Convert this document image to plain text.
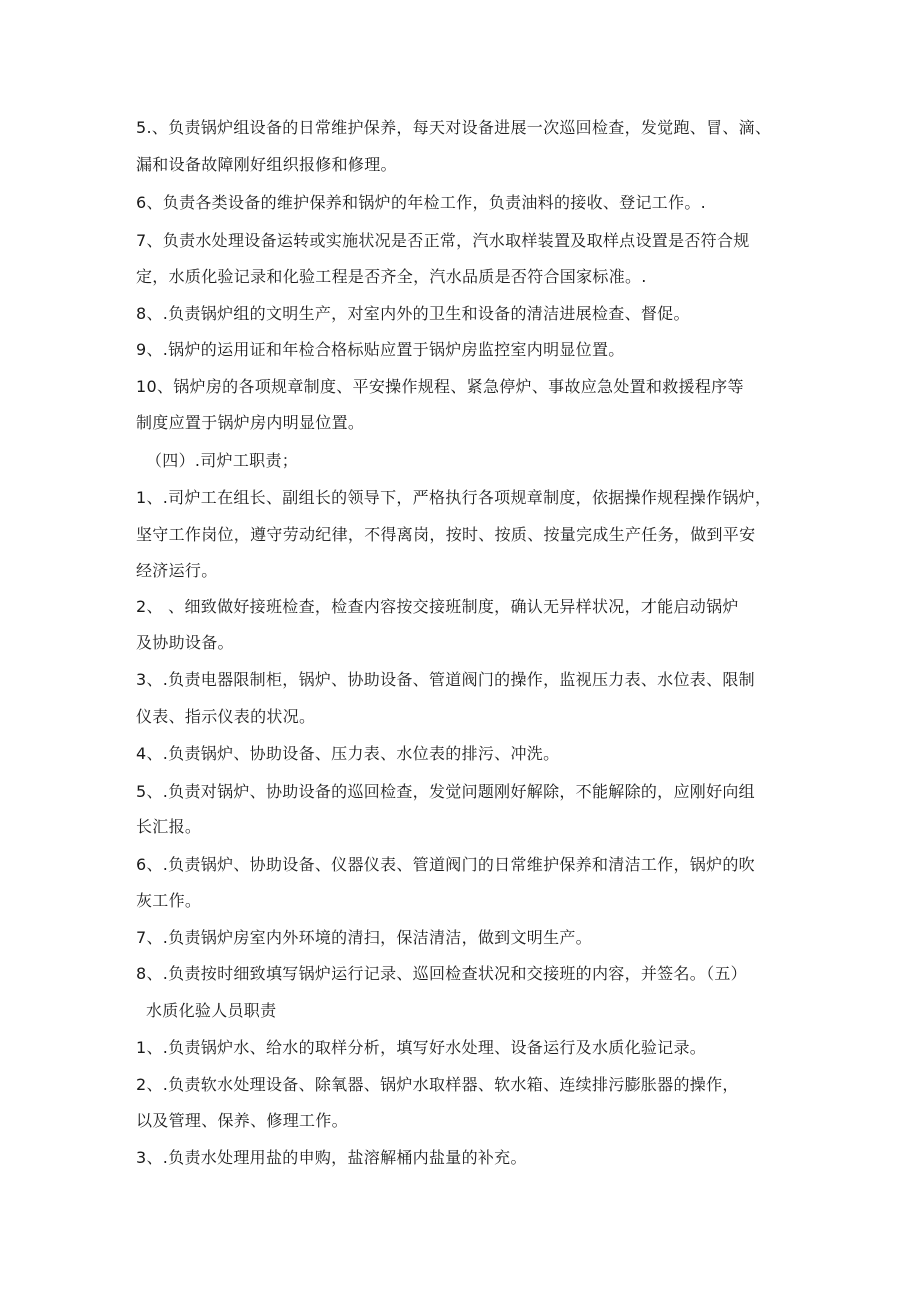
5.、负责锅炉组设备的日常维护保养，每天对设备进展一次巡回检查，发觉跑、冒、滴、
漏和设备故障刚好组织报修和修理。
6、负责各类设备的维护保养和锅炉的年检工作，负责油料的接收、登记工作。.
7、负责水处理设备运转或实施状况是否正常，汽水取样装置及取样点设置是否符合规
定，水质化验记录和化验工程是否齐全，汽水品质是否符合国家标准。.
8、.负责锅炉组的文明生产，对室内外的卫生和设备的清洁进展检查、督促。
9、.锅炉的运用证和年检合格标贴应置于锅炉房监控室内明显位置。
10、锅炉房的各项规章制度、平安操作规程、紧急停炉、事故应急处置和救援程序等
制度应置于锅炉房内明显位置。
（四）.司炉工职责；
1、.司炉工在组长、副组长的领导下，严格执行各项规章制度，依据操作规程操作锅炉，
坚守工作岗位，遵守劳动纪律，不得离岗，按时、按质、按量完成生产任务，做到平安
经济运行。
2、 、细致做好接班检查，检查内容按交接班制度，确认无异样状况，才能启动锅炉
及协助设备。
3、.负责电器限制柜，锅炉、协助设备、管道阀门的操作，监视压力表、水位表、限制
仪表、指示仪表的状况。
4、.负责锅炉、协助设备、压力表、水位表的排污、冲洗。
5、.负责对锅炉、协助设备的巡回检查，发觉问题刚好解除，不能解除的，应刚好向组
长汇报。
6、.负责锅炉、协助设备、仪器仪表、管道阀门的日常维护保养和清洁工作，锅炉的吹
灰工作。
7、.负责锅炉房室内外环境的清扫，保洁清洁，做到文明生产。
8、.负责按时细致填写锅炉运行记录、巡回检查状况和交接班的内容，并签名。（五）
水质化验人员职责
1、.负责锅炉水、给水的取样分析，填写好水处理、设备运行及水质化验记录。
2、.负责软水处理设备、除氧器、锅炉水取样器、软水箱、连续排污膨胀器的操作，
以及管理、保养、修理工作。
3、.负责水处理用盐的申购，盐溶解桶内盐量的补充。
